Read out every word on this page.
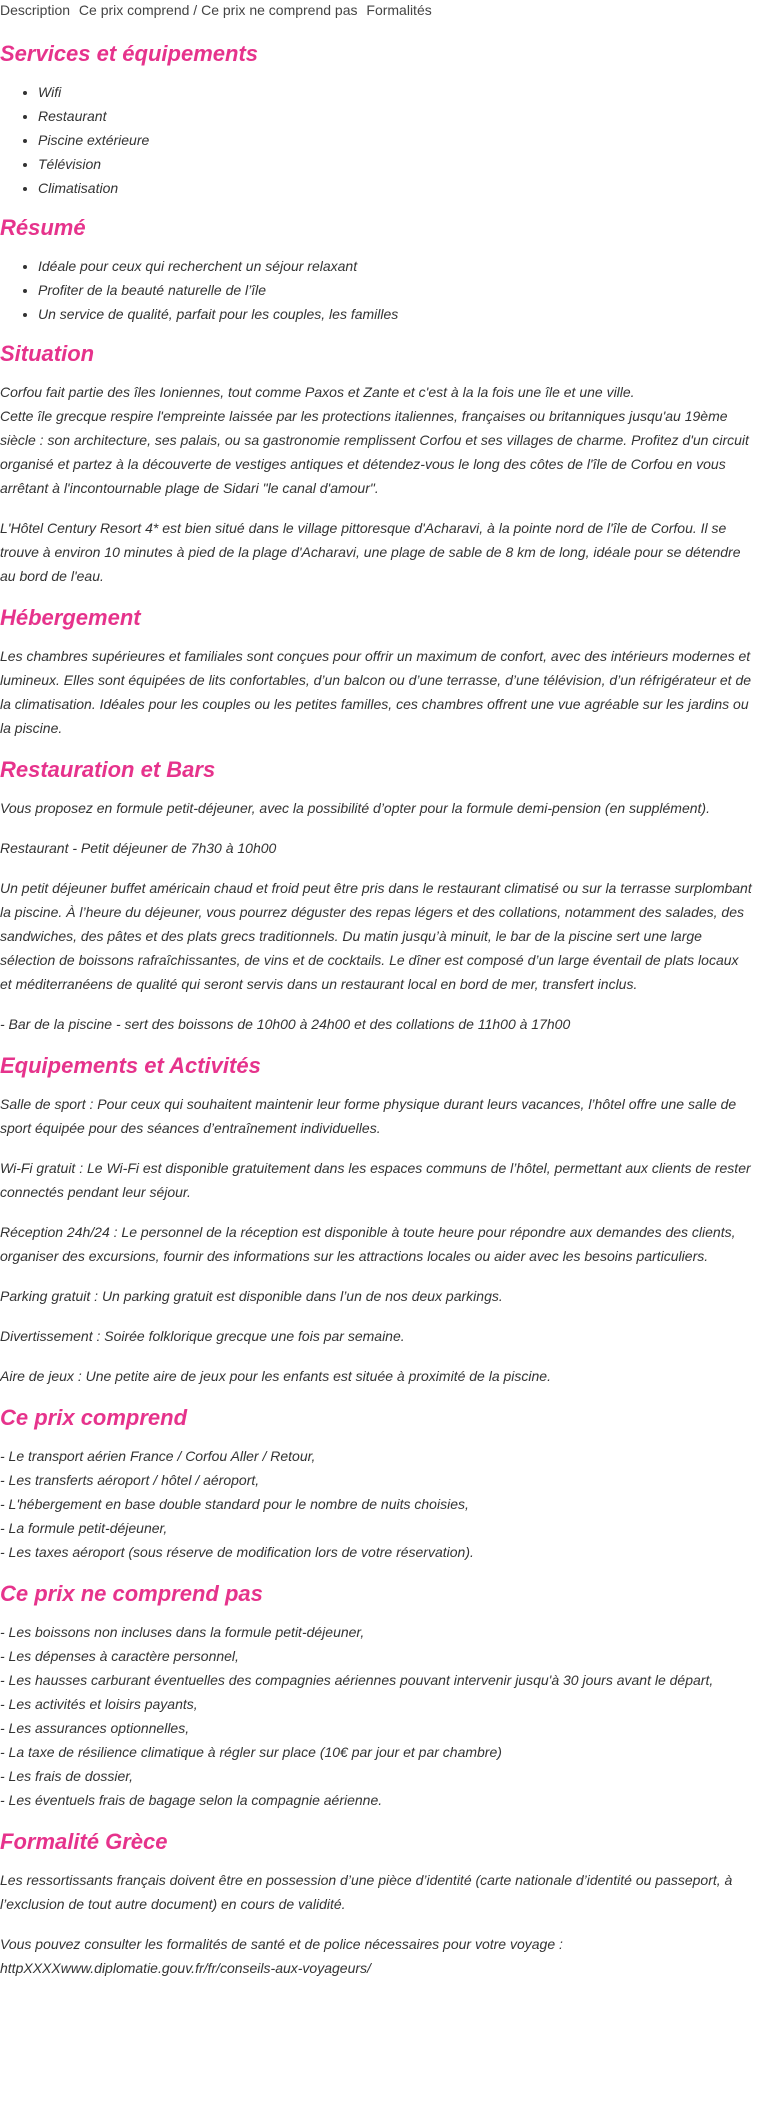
Description Ce prix comprend / Ce prix ne comprend pas Formalités
Services et équipements
• Wifi
• Restaurant
• Piscine extérieure
• Télévision
• Climatisation
Résumé
• Idéale pour ceux qui recherchent un séjour relaxant
• Profiter de la beauté naturelle de l’île
• Un service de qualité, parfait pour les couples, les familles
Situation

Corfou fait partie des îles Ioniennes, tout comme Paxos et Zante et c'est à la la fois une île et une ville.
Cette île grecque respire l'empreinte laissée par les protections italiennes, françaises ou britanniques jusqu'au 19ème siècle : son architecture, ses palais, ou sa gastronomie remplissent Corfou et ses villages de charme. Profitez d'un circuit organisé et partez à la découverte de vestiges antiques et détendez-vous le long des côtes de l'île de Corfou en vous arrêtant à l'incontournable plage de Sidari "le canal d'amour".

L'Hôtel Century Resort 4* est bien situé dans le village pittoresque d'Acharavi, à la pointe nord de l'île de Corfou. Il se trouve à environ 10 minutes à pied de la plage d'Acharavi, une plage de sable de 8 km de long, idéale pour se détendre au bord de l'eau.

Hébergement

Les chambres supérieures et familiales sont conçues pour offrir un maximum de confort, avec des intérieurs modernes et lumineux. Elles sont équipées de lits confortables, d’un balcon ou d’une terrasse, d’une télévision, d’un réfrigérateur et de la climatisation. Idéales pour les couples ou les petites familles, ces chambres offrent une vue agréable sur les jardins ou la piscine.

Restauration et Bars

Vous proposez en formule petit-déjeuner, avec la possibilité d’opter pour la formule demi-pension (en supplément).

Restaurant - Petit déjeuner de 7h30 à 10h00

Un petit déjeuner buffet américain chaud et froid peut être pris dans le restaurant climatisé ou sur la terrasse surplombant la piscine. À l’heure du déjeuner, vous pourrez déguster des repas légers et des collations, notamment des salades, des sandwiches, des pâtes et des plats grecs traditionnels. Du matin jusqu’à minuit, le bar de la piscine sert une large sélection de boissons rafraîchissantes, de vins et de cocktails. Le dîner est composé d’un large éventail de plats locaux et méditerranéens de qualité qui seront servis dans un restaurant local en bord de mer, transfert inclus.

- Bar de la piscine - sert des boissons de 10h00 à 24h00 et des collations de 11h00 à 17h00

Equipements et Activités

Salle de sport : Pour ceux qui souhaitent maintenir leur forme physique durant leurs vacances, l’hôtel offre une salle de sport équipée pour des séances d’entraînement individuelles.

Wi-Fi gratuit : Le Wi-Fi est disponible gratuitement dans les espaces communs de l’hôtel, permettant aux clients de rester connectés pendant leur séjour.

Réception 24h/24 : Le personnel de la réception est disponible à toute heure pour répondre aux demandes des clients, organiser des excursions, fournir des informations sur les attractions locales ou aider avec les besoins particuliers.

Parking gratuit : Un parking gratuit est disponible dans l’un de nos deux parkings.

Divertissement : Soirée folklorique grecque une fois par semaine.

Aire de jeux : Une petite aire de jeux pour les enfants est située à proximité de la piscine.

Ce prix comprend
- Le transport aérien France / Corfou Aller / Retour,
- Les transferts aéroport / hôtel / aéroport,
- L'hébergement en base double standard pour le nombre de nuits choisies,
- La formule petit-déjeuner,
- Les taxes aéroport (sous réserve de modification lors de votre réservation).
Ce prix ne comprend pas
- Les boissons non incluses dans la formule petit-déjeuner,
- Les dépenses à caractère personnel,
- Les hausses carburant éventuelles des compagnies aériennes pouvant intervenir jusqu'à 30 jours avant le départ,
- Les activités et loisirs payants,
- Les assurances optionnelles,
- La taxe de résilience climatique à régler sur place (10€ par jour et par chambre)
- Les frais de dossier,
- Les éventuels frais de bagage selon la compagnie aérienne.
Formalité Grèce

Les ressortissants français doivent être en possession d’une pièce d’identité (carte nationale d’identité ou passeport, à l’exclusion de tout autre document) en cours de validité.

Vous pouvez consulter les formalités de santé et de police nécessaires pour votre voyage :
httpXXXXwww.diplomatie.gouv.fr/fr/conseils-aux-voyageurs/
